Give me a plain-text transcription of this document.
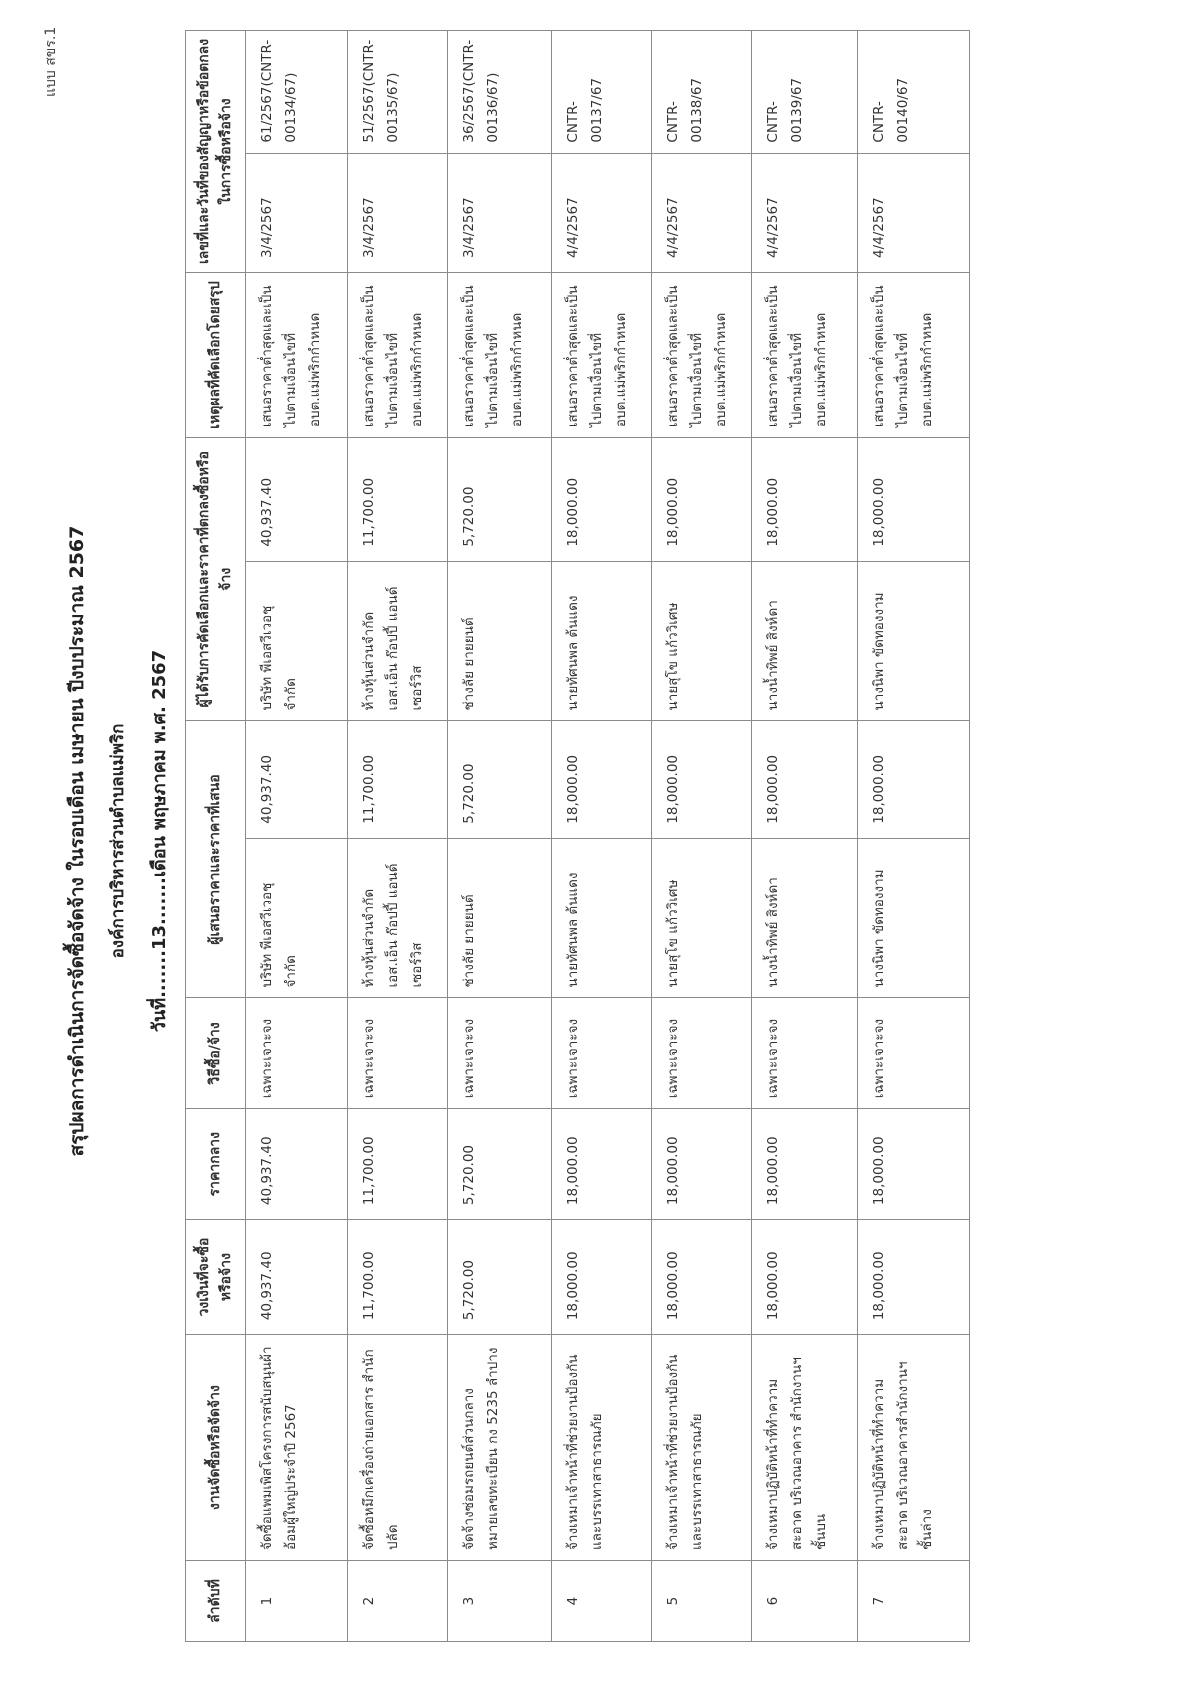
แบบ สขร.1
สรุปผลการดำเนินการจัดซื้อจัดจ้าง ในรอบเดือน เมษายน ปีงบประมาณ 2567 องค์การบริหารส่วนตำบลแม่พริก วันที่.......13.......เดือน พฤษภาคม พ.ศ. 2567
ลำดับที่	งานจัดซื้อหรือจัดจ้าง	วงเงินที่จะซื้อหรือจ้าง	ราคากลาง	วิธีซื้อ/จ้าง	ผู้เสนอราคาและราคาที่เสนอ		ผู้ได้รับการคัดเลือกและราคาที่ตกลงซื้อหรือจ้าง		เหตุผลที่คัดเลือกโดยสรุป	เลขที่และวันที่ของสัญญาหรือข้อตกลงในการซื้อหรือจ้าง	
1	จัดซื้อแพมเพิสโครงการสนับสนุนผ้าอ้อมผู้ใหญ่ประจำปี 2567	40,937.40	40,937.40	เฉพาะเจาะจง	บริษัท พีเอสวีเวอชุ จำกัด	40,937.40	บริษัท พีเอสวีเวอชุ จำกัด	40,937.40	เสนอราคาต่ำสุดและเป็นไปตามเงื่อนไขที่ อบต.แม่พริกกำหนด	3/4/2567	61/2567(CNTR-00134/67)
2	จัดซื้อหมึกเครื่องถ่ายเอกสาร สำนักปลัด	11,700.00	11,700.00	เฉพาะเจาะจง	ห้างหุ้นส่วนจำกัด เอส.เอ็น ก๊อปปี้ แอนด์ เซอร์วิส	11,700.00	ห้างหุ้นส่วนจำกัด เอส.เอ็น ก๊อปปี้ แอนด์ เซอร์วิส	11,700.00	เสนอราคาต่ำสุดและเป็นไปตามเงื่อนไขที่ อบต.แม่พริกกำหนด	3/4/2567	51/2567(CNTR-00135/67)
3	จัดจ้างซ่อมรถยนต์ส่วนกลาง หมายเลขทะเบียน กง 5235 ลำปาง	5,720.00	5,720.00	เฉพาะเจาะจง	ช่างลัย ยายยนต์	5,720.00	ช่างลัย ยายยนต์	5,720.00	เสนอราคาต่ำสุดและเป็นไปตามเงื่อนไขที่ อบต.แม่พริกกำหนด	3/4/2567	36/2567(CNTR-00136/67)
4	จ้างเหมาเจ้าหน้าที่ช่วยงานป้องกันและบรรเทาสาธารณภัย	18,000.00	18,000.00	เฉพาะเจาะจง	นายทัศนพล ต้นแดง	18,000.00	นายทัศนพล ต้นแดง	18,000.00	เสนอราคาต่ำสุดและเป็นไปตามเงื่อนไขที่ อบต.แม่พริกกำหนด	4/4/2567	CNTR-00137/67
5	จ้างเหมาเจ้าหน้าที่ช่วยงานป้องกันและบรรเทาสาธารณภัย	18,000.00	18,000.00	เฉพาะเจาะจง	นายสุโข แก้ววิเศษ	18,000.00	นายสุโข แก้ววิเศษ	18,000.00	เสนอราคาต่ำสุดและเป็นไปตามเงื่อนไขที่ อบต.แม่พริกกำหนด	4/4/2567	CNTR-00138/67
6	จ้างเหมาปฏิบัติหน้าที่ทำความสะอาด บริเวณอาคาร สำนักงานฯ ชั้นบน	18,000.00	18,000.00	เฉพาะเจาะจง	นางน้ำทิพย์ สิงห์ดา	18,000.00	นางน้ำทิพย์ สิงห์ดา	18,000.00	เสนอราคาต่ำสุดและเป็นไปตามเงื่อนไขที่ อบต.แม่พริกกำหนด	4/4/2567	CNTR-00139/67
7	จ้างเหมาปฏิบัติหน้าที่ทำความสะอาด บริเวณอาคารสำนักงานฯ ชั้นล่าง	18,000.00	18,000.00	เฉพาะเจาะจง	นางนิพา ขัดทองงาม	18,000.00	นางนิพา ขัดทองงาม	18,000.00	เสนอราคาต่ำสุดและเป็นไปตามเงื่อนไขที่ อบต.แม่พริกกำหนด	4/4/2567	CNTR-00140/67
